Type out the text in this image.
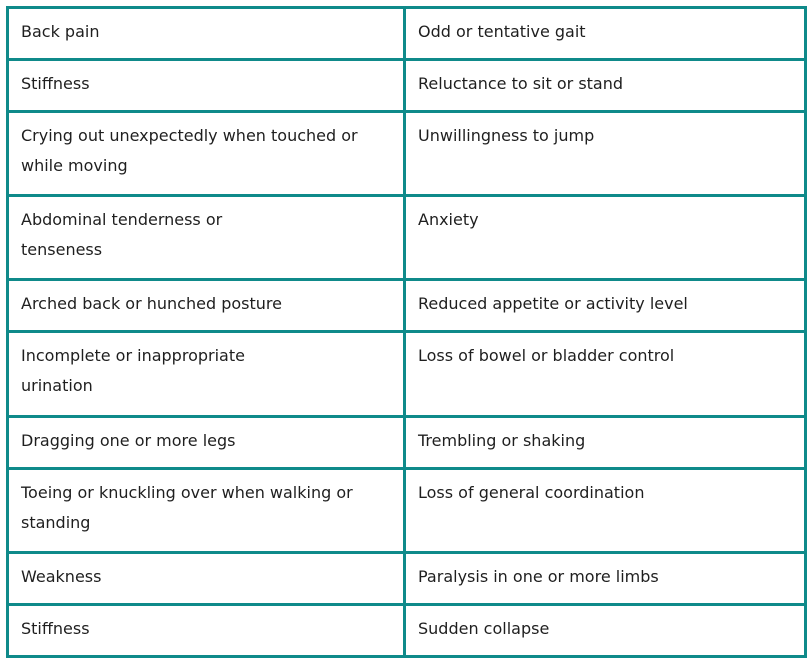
Back pain	Odd or tentative gait

Stiffness	Reluctance to sit or stand

Crying out unexpectedly when touched or while moving	Unwillingness to jump

Abdominal tenderness or tenseness	Anxiety

Arched back or hunched posture	Reduced appetite or activity level

Incomplete or inappropriate urination	Loss of bowel or bladder control

Dragging one or more legs	Trembling or shaking

Toeing or knuckling over when walking or standing	Loss of general coordination

Weakness	Paralysis in one or more limbs

Stiffness	Sudden collapse
